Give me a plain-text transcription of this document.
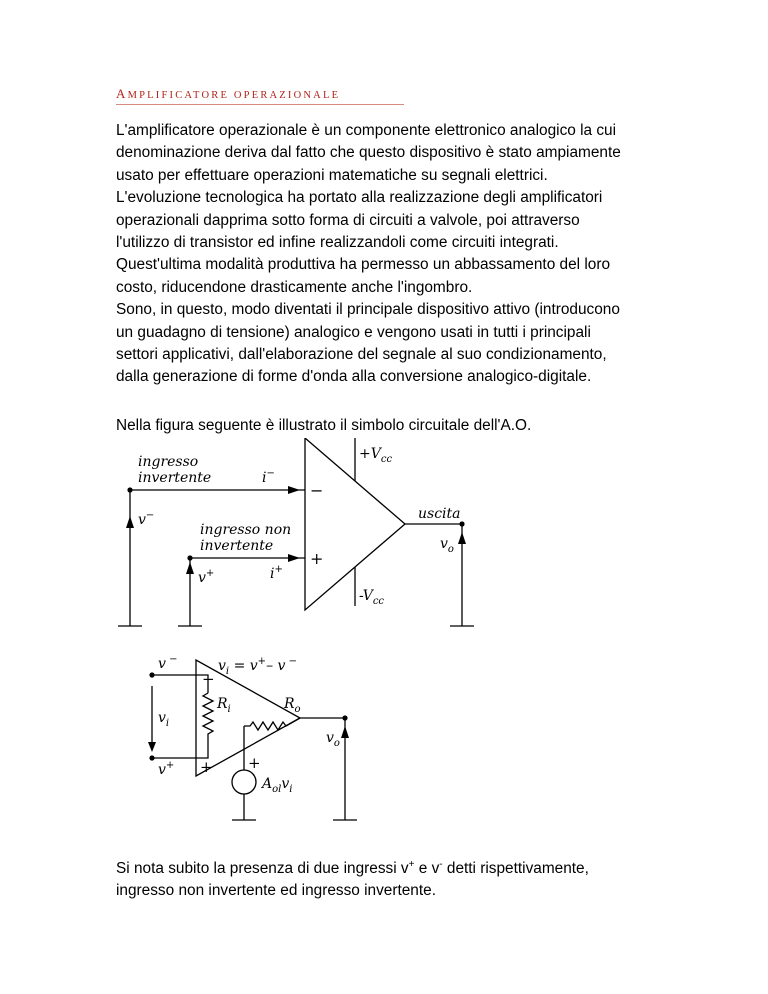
AMPLIFICATORE OPERAZIONALE
L'amplificatore operazionale è un componente elettronico analogico la cui
denominazione deriva dal fatto che questo dispositivo è stato ampiamente
usato per effettuare operazioni matematiche su segnali elettrici.
L'evoluzione tecnologica ha portato alla realizzazione degli amplificatori
operazionali dapprima sotto forma di circuiti a valvole, poi attraverso
l'utilizzo di transistor ed infine realizzandoli come circuiti integrati.
Quest'ultima modalità produttiva ha permesso un abbassamento del loro
costo, riducendone drasticamente anche l'ingombro.
Sono, in questo, modo diventati il principale dispositivo attivo (introducono
un guadagno di tensione) analogico e vengono usati in tutti i principali
settori applicativi, dall'elaborazione del segnale al suo condizionamento,
dalla generazione di forme d'onda alla conversione analogico-digitale.
Nella figura seguente è illustrato il simbolo circuitale dell'A.O.
$+V_{cc}$
$-V_{cc}$
ingresso
invertente
ingresso non
invertente
i−
i+
v−
v+
uscita
$v_o$
−
+
$v_i = v^+-$ v −
v −
v+
$v_i$
$R_i$	$R_o$
$v_o$
$A_{ol}v_i$
−
+ +
Si nota subito la presenza di due ingressi v+ e v- detti rispettivamente,
ingresso non invertente ed ingresso invertente.
